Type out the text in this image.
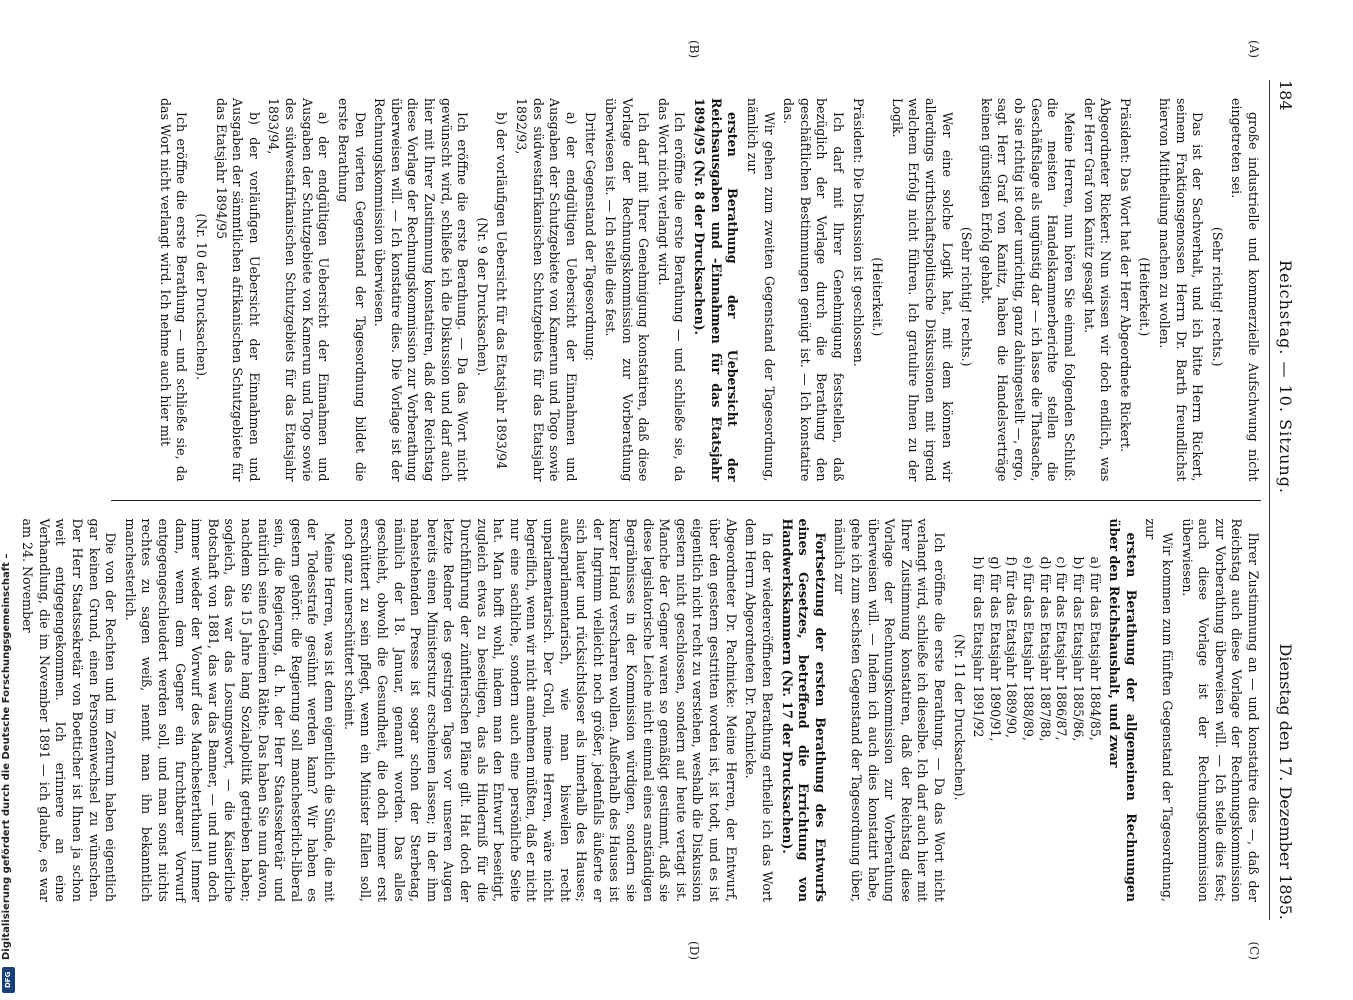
Digitalisierung gefördert durch die Deutsche Forschungsgemeinschaft –
DFG
184
Reichstag. — 10. Sitzung.
Dienstag den 17. Dezember 1895.
(A)
(B)

große industrielle und kommerzielle Aufschwung nicht eingetreten sei.

(Sehr richtig! rechts.)

Das ist der Sachverhalt, und ich bitte Herrn Rickert, seinem Fraktionsgenossen Herrn Dr. Barth freundlichst hiervon Mittheilung machen zu wollen.

(Heiterkeit.)

Präsident: Das Wort hat der Herr Abgeordnete Rickert.

Abgeordneter Rickert: Nun wissen wir doch endlich, was der Herr Graf von Kanitz gesagt hat.

Meine Herren, nun hören Sie einmal folgenden Schluß: die meisten Handelskammerberichte stellen die Geschäftslage als ungünstig dar — ich lasse die Thatsache, ob sie richtig ist oder unrichtig, ganz dahingestellt —, ergo, sagt Herr Graf von Kanitz, haben die Handelsverträge keinen günstigen Erfolg gehabt.

(Sehr richtig! rechts.)

Wer eine solche Logik hat, mit dem können wir allerdings wirthschaftspolitische Diskussionen mit irgend welchem Erfolg nicht führen. Ich gratulire Ihnen zu der Logik.

(Heiterkeit.)

Präsident: Die Diskussion ist geschlossen.

Ich darf mit Ihrer Genehmigung feststellen, daß bezüglich der Vorlage durch die Berathung den geschäftlichen Bestimmungen genügt ist. — Ich konstatire das.

Wir gehen zum zweiten Gegenstand der Tagesordnung, nämlich zur

ersten Berathung der Uebersicht der Reichsausgaben und -Einnahmen für das Etatsjahr 1894/95 (Nr. 8 der Drucksachen).

Ich eröffne die erste Berathung — und schließe sie, da das Wort nicht verlangt wird.

Ich darf mit Ihrer Genehmigung konstatiren, daß diese Vorlage der Rechnungskommission zur Vorberathung überwiesen ist. — Ich stelle dies fest.

Dritter Gegenstand der Tagesordnung:

a) der endgültigen Uebersicht der Einnahmen und Ausgaben der Schutzgebiete von Kamerun und Togo sowie des südwestafrikanischen Schutzgebiets für das Etatsjahr 1892/93,

b) der vorläufigen Uebersicht für das Etatsjahr 1893/94

(Nr. 9 der Drucksachen).

Ich eröffne die erste Berathung. — Da das Wort nicht gewünscht wird, schließe ich die Diskussion und darf auch hier mit Ihrer Zustimmung konstatiren, daß der Reichstag diese Vorlage der Rechnungskommission zur Vorberathung überweisen will. — Ich konstatire dies. Die Vorlage ist der Rechnungskommission überwiesen.

Den vierten Gegenstand der Tagesordnung bildet die erste Berathung

a) der endgültigen Uebersicht der Einnahmen und Ausgaben der Schutzgebiete von Kamerun und Togo sowie des südwestafrikanischen Schutzgebiets für das Etatsjahr 1893/94,

b) der vorläufigen Uebersicht der Einnahmen und Ausgaben der sämmtlichen afrikanischen Schutzgebiete für das Etatsjahr 1894/95

(Nr. 10 der Drucksachen).

Ich eröffne die erste Berathung — und schließe sie, da das Wort nicht verlangt wird. Ich nehme auch hier mit

(C)
(D)

Ihrer Zustimmung an — und konstatire dies —, daß der Reichstag auch diese Vorlage der Rechnungskommission zur Vorberathung überweisen will. — Ich stelle dies fest; auch diese Vorlage ist der Rechnungskommission überwiesen.

Wir kommen zum fünften Gegenstand der Tagesordnung, zur

ersten Berathung der allgemeinen Rechnungen über den Reichshaushalt, und zwar

a) für das Etatsjahr 1884/85,
b) für das Etatsjahr 1885/86,
c) für das Etatsjahr 1886/87,
d) für das Etatsjahr 1887/88,
e) für das Etatsjahr 1888/89,
f) für das Etatsjahr 1889/90,
g) für das Etatsjahr 1890/91,
h) für das Etatsjahr 1891/92

(Nr. 11 der Drucksachen).

Ich eröffne die erste Berathung. — Da das Wort nicht verlangt wird, schließe ich dieselbe. Ich darf auch hier mit Ihrer Zustimmung konstatiren, daß der Reichstag diese Vorlage der Rechnungskommission zur Vorberathung überweisen will. — Indem ich auch dies konstatirt habe, gehe ich zum sechsten Gegenstand der Tagesordnung über, nämlich zur

Fortsetzung der ersten Berathung des Entwurfs eines Gesetzes, betreffend die Errichtung von Handwerkskammern (Nr. 17 der Drucksachen).

In der wiedereröffneten Berathung ertheile ich das Wort dem Herrn Abgeordneten Dr. Pachnicke.

Abgeordneter Dr. Pachnicke: Meine Herren, der Entwurf, über den gestern gestritten worden ist, ist todt, und es ist eigentlich nicht recht zu verstehen, weshalb die Diskussion gestern nicht geschlossen, sondern auf heute vertagt ist. Manche der Gegner waren so gemäßigt gestimmt, daß sie diese legislatorische Leiche nicht einmal eines anständigen Begräbnisses in der Kommission würdigen, sondern sie kurzer Hand verscharren wollen. Außerhalb des Hauses ist der Ingrimm vielleicht noch größer, jedenfalls äußerte er sich lauter und rücksichtsloser als innerhalb des Hauses; außerparlamentarisch, wie man bisweilen recht unparlamentarisch. Der Groll, meine Herren, wäre nicht begreiflich, wenn wir nicht annehmen müßten, daß er nicht nur eine sachliche, sondern auch eine persönliche Seite hat. Man hofft wohl, indem man den Entwurf beseitigt, zugleich etwas zu beseitigen, das als Hinderniß für die Durchführung der zünftlerischen Pläne gilt. Hat doch der letzte Redner des gestrigen Tages vor unseren Augen bereits einen Ministersturz erscheinen lassen; in der ihm nahestehenden Presse ist sogar schon der Sterbetag, nämlich der 18. Januar, genannt worden. Das alles geschieht, obwohl die Gesundheit, die doch immer erst erschüttert zu sein pflegt, wenn ein Minister fallen soll, noch ganz unerschüttert scheint.

Meine Herren, was ist denn eigentlich die Sünde, die mit der Todesstrafe gesühnt werden kann? Wir haben es gestern gehört: die Regierung soll manchesterlich-liberal sein, die Regierung, d. h. der Herr Staatssekretär und natürlich seine Geheimen Räthe. Das haben Sie nun davon, nachdem Sie 15 Jahre lang Sozialpolitik getrieben haben; sogleich, das war das Losungswort, — die Kaiserliche Botschaft von 1881, das war das Banner, — und nun doch immer wieder der Vorwurf des Manchesterthums! Immer dann, wenn dem Gegner ein furchtbarer Vorwurf entgegengeschleudert werden soll, und man sonst nichts rechtes zu sagen weiß, nennt man ihn bekanntlich manchesterlich.

Die von der Rechten und im Zentrum haben eigentlich gar keinen Grund, einen Personenwechsel zu wünschen. Der Herr Staatssekretär von Boetticher ist Ihnen ja schon weit entgegengekommen. Ich erinnere an eine Verhandlung, die im November 1891 — ich glaube, es war am 24. November
